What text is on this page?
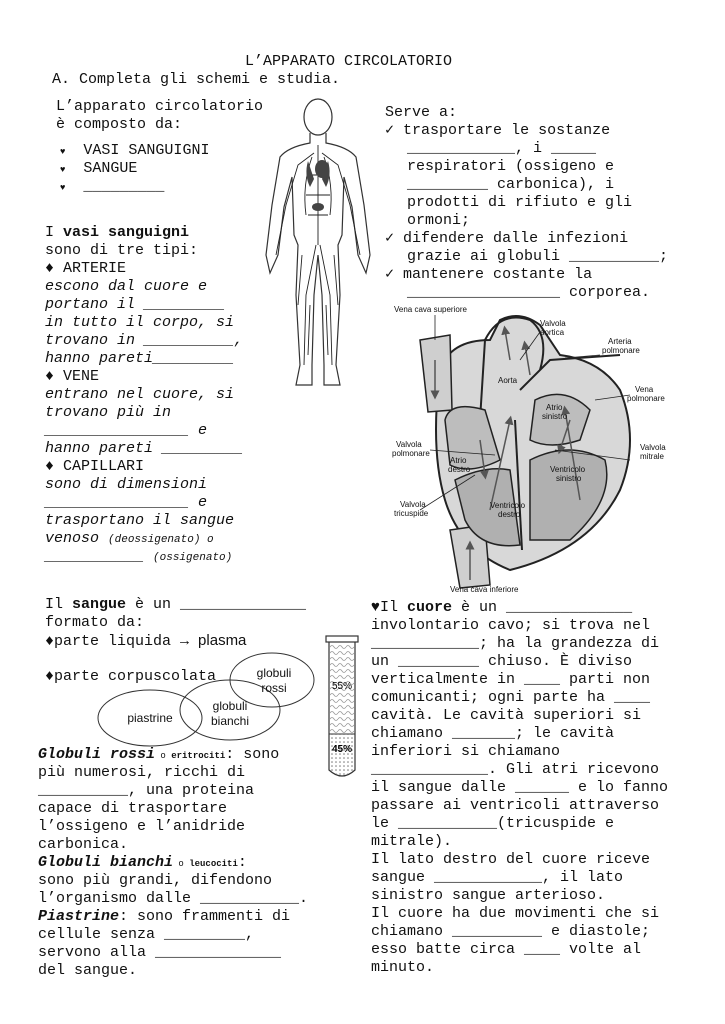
L’APPARATO CIRCOLATORIO
A. Completa gli schemi e studia.
L’apparato circolatorio
è composto da:
♥ VASI SANGUIGNI
♥ SANGUE
♥ _________
Serve a:
✓ trasportare le sostanze
____________, i _____
respiratori (ossigeno e
_________ carbonica), i
prodotti di rifiuto e gli
ormoni;
✓ difendere dalle infezioni
grazie ai globuli __________;
✓ mantenere costante la
_________________ corporea.
I vasi sanguigni
sono di tre tipi:
♦ ARTERIE
escono dal cuore e
portano il _________
in tutto il corpo, si
trovano in __________,
hanno pareti_________
♦ VENE
entrano nel cuore, si
trovano più in
________________ e
hanno pareti _________
♦ CAPILLARI
sono di dimensioni
________________ e
trasportano il sangue
venoso (deossigenato) o
___________ (ossigenato)
Vena cava superiore
Valvola
aortica
Arteria
polmonare
Aorta
Vena
polmonare
Atrio
sinistro
Valvola
polmonare
Atrio
destro
Valvola
mitrale
Ventricolo
sinistro
Valvola
tricuspide
Ventricolo
destro
Vena cava inferiore
Il sangue è un ______________
formato da:
♦parte liquida → plasma
♦parte corpuscolata	globuli
rossi
globuli
bianchi
piastrine
55%
45%
Globuli rossi o eritrociti: sono
più numerosi, ricchi di
__________, una proteina
capace di trasportare
l’ossigeno e l’anidride
carbonica.
Globuli bianchi o leucociti:
sono più grandi, difendono
l’organismo dalle ___________.
Piastrine: sono frammenti di
cellule senza _________,
servono alla ______________
del sangue.
♥Il cuore è un ______________
involontario cavo; si trova nel
____________; ha la grandezza di
un _________ chiuso. È diviso
verticalmente in ____ parti non
comunicanti; ogni parte ha ____
cavità. Le cavità superiori si
chiamano _______; le cavità
inferiori si chiamano
_____________. Gli atri ricevono
il sangue dalle ______ e lo fanno
passare ai ventricoli attraverso
le ___________(tricuspide e
mitrale).
Il lato destro del cuore riceve
sangue ____________, il lato
sinistro sangue arterioso.
Il cuore ha due movimenti che si
chiamano __________ e diastole;
esso batte circa ____ volte al
minuto.
